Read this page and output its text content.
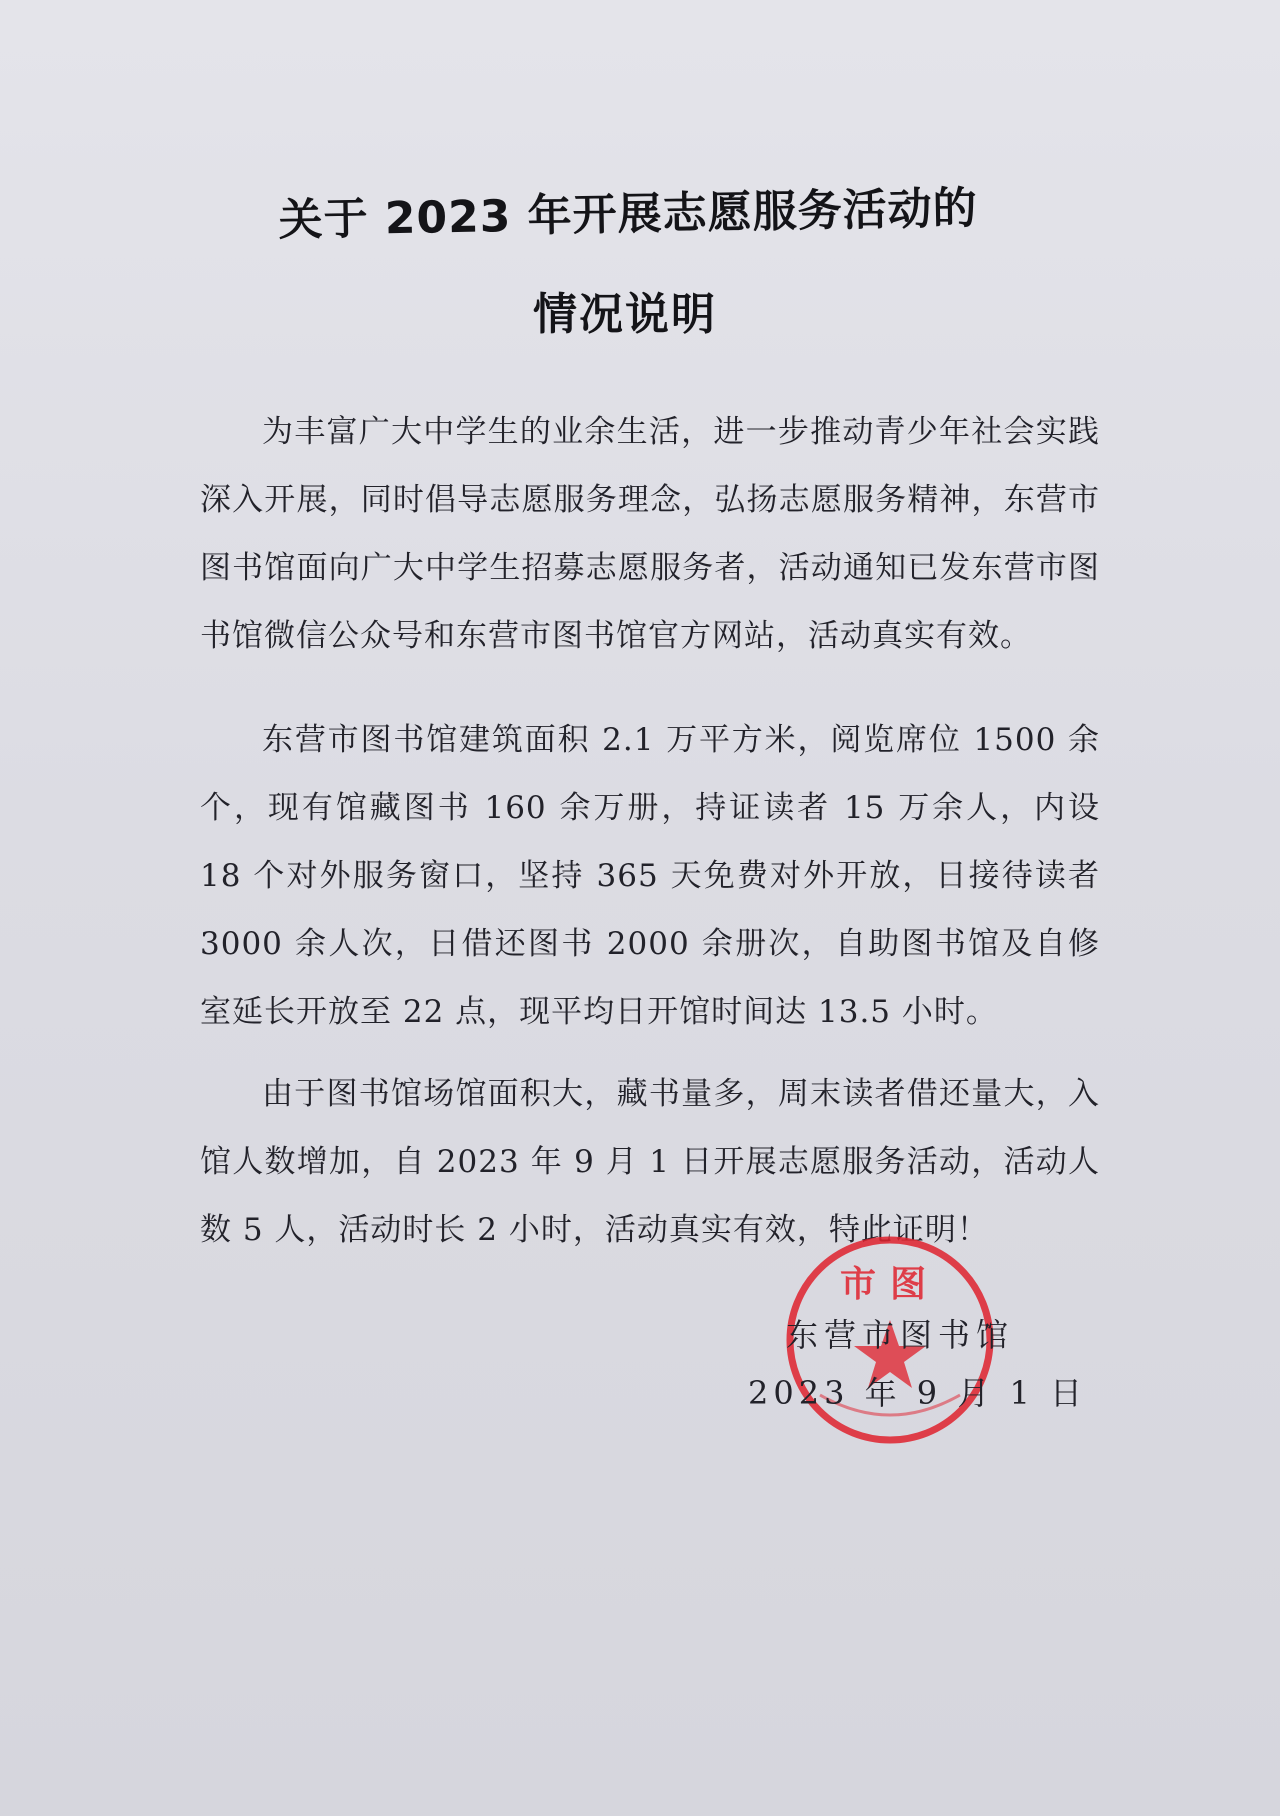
关于 2023 年开展志愿服务活动的
情况说明

为丰富广大中学生的业余生活，进一步推动青少年社会实践深入开展，同时倡导志愿服务理念，弘扬志愿服务精神，东营市图书馆面向广大中学生招募志愿服务者，活动通知已发东营市图书馆微信公众号和东营市图书馆官方网站，活动真实有效。

东营市图书馆建筑面积 2.1 万平方米，阅览席位 1500 余个，现有馆藏图书 160 余万册，持证读者 15 万余人，内设 18 个对外服务窗口，坚持 365 天免费对外开放，日接待读者 3000 余人次，日借还图书 2000 余册次，自助图书馆及自修室延长开放至 22 点，现平均日开馆时间达 13.5 小时。

由于图书馆场馆面积大，藏书量多，周末读者借还量大，入馆人数增加，自 2023 年 9 月 1 日开展志愿服务活动，活动人数 5 人，活动时长 2 小时，活动真实有效，特此证明！

市图

东营市图书馆

2023 年 9 月 1 日
